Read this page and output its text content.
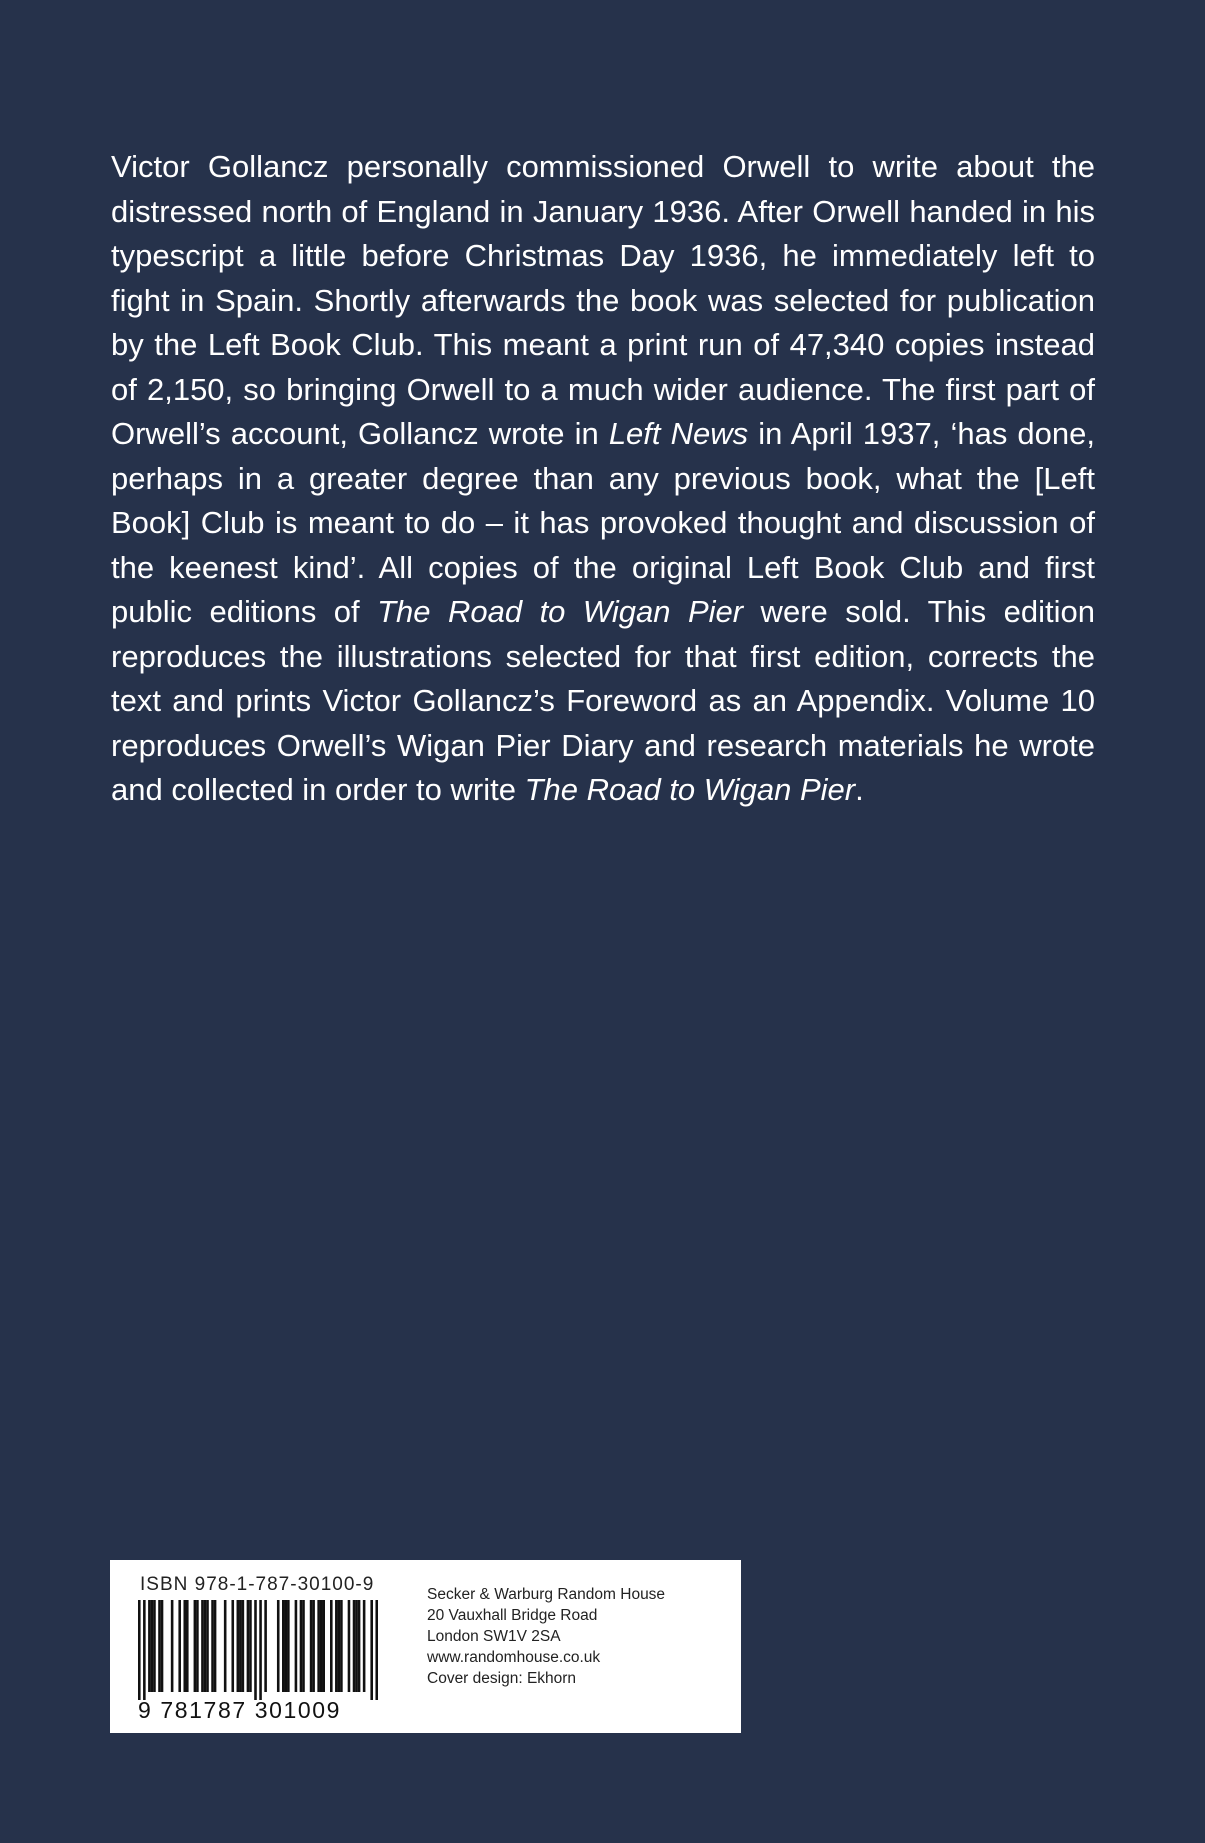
Victor Gollancz personally commissioned Orwell to write about the distressed north of England in January 1936. After Orwell handed in his typescript a little before Christmas Day 1936, he immediately left to fight in Spain. Shortly afterwards the book was selected for publication by the Left Book Club. This meant a print run of 47,340 copies instead of 2,150, so bringing Orwell to a much wider audience. The first part of Orwell’s account, Gollancz wrote in Left News in April 1937, ‘has done, perhaps in a greater degree than any previous book, what the [Left Book] Club is meant to do – it has provoked thought and discussion of the keenest kind’. All copies of the original Left Book Club and first public editions of The Road to Wigan Pier were sold. This edition reproduces the illustrations selected for that first edition, corrects the text and prints Victor Gollancz’s Foreword as an Appendix. Volume 10 reproduces Orwell’s Wigan Pier Diary and research materials he wrote and collected in order to write The Road to Wigan Pier.

ISBN 978-1-787-30100-9

9 781787 301009

Secker & Warburg Random House
20 Vauxhall Bridge Road
London SW1V 2SA
www.randomhouse.co.uk
Cover design: Ekhorn
